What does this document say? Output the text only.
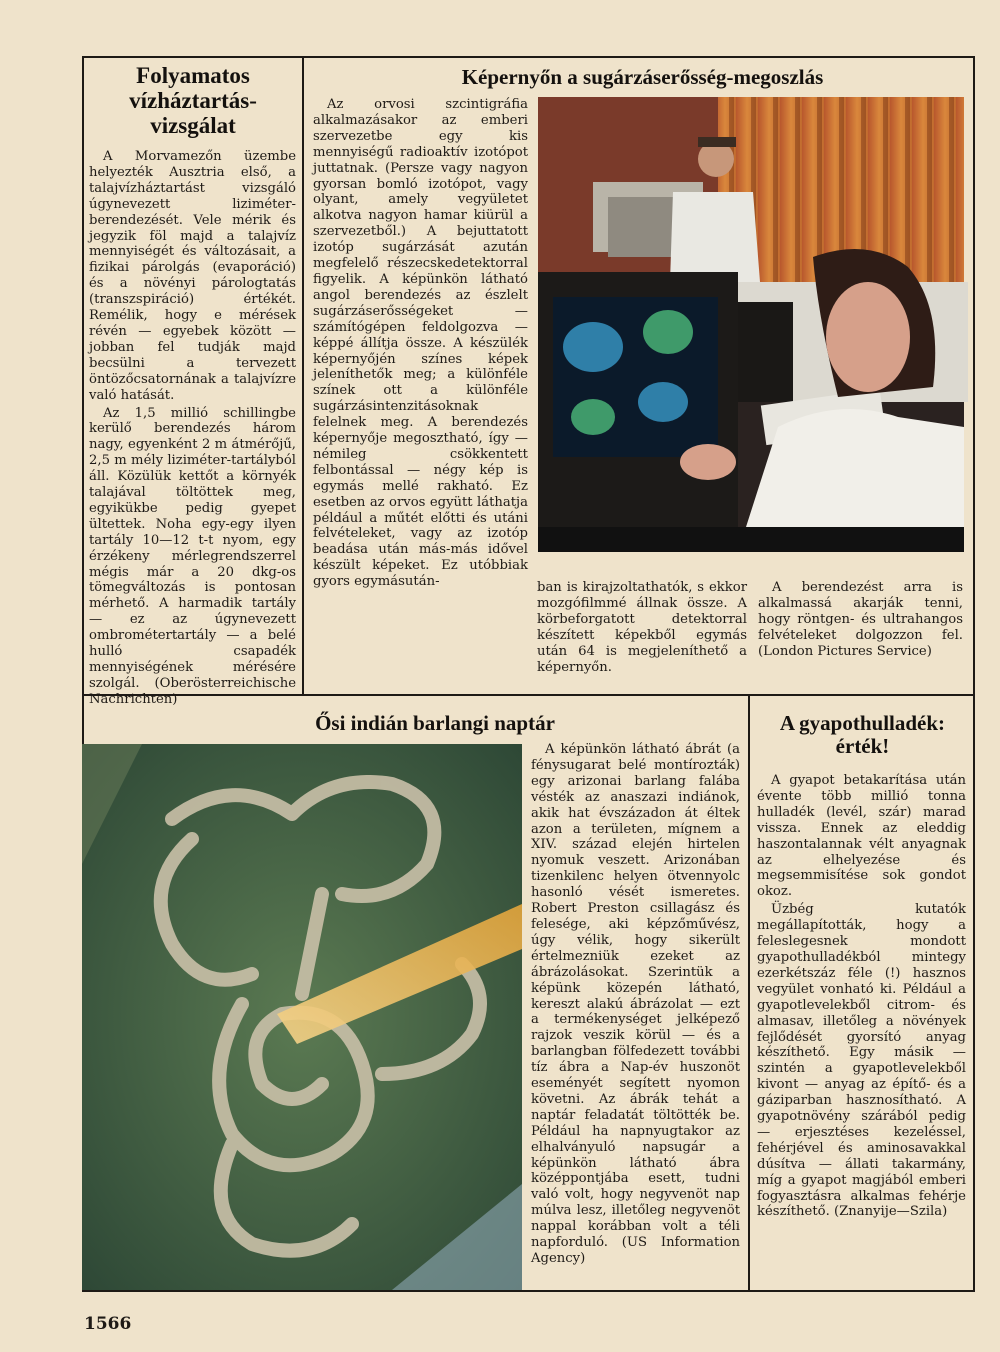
Folyamatos vízháztartás-vizsgálat

A Morvamezőn üzembe helyezték Ausztria első, a talajvízháztartást vizsgáló úgynevezett liziméter-berendezését. Vele mérik és jegyzik föl majd a talajvíz mennyiségét és változásait, a fizikai párolgás (evaporáció) és a növényi párologtatás (transzspiráció) értékét. Remélik, hogy e mérések révén — egyebek között — jobban fel tudják majd becsülni a tervezett öntözőcsatornának a talajvízre való hatását.

Az 1,5 millió schillingbe kerülő berendezés három nagy, egyenként 2 m átmérőjű, 2,5 m mély liziméter-tartályból áll. Közülük kettőt a környék talajával töltöttek meg, egyikükbe pedig gyepet ültettek. Noha egy-egy ilyen tartály 10—12 t-t nyom, egy érzékeny mérlegrendszerrel mégis már a 20 dkg-os tömegváltozás is pontosan mérhető. A harmadik tartály — ez az úgynevezett ombrométertartály — a belé hulló csapadék mennyiségének mérésére szolgál. (Oberösterreichische Nachrichten)

Képernyőn a sugárzáserősség-megoszlás
Az orvosi szcintigráfia alkalmazásakor az emberi szervezetbe egy kis mennyiségű radioaktív izotópot juttatnak. (Persze vagy nagyon gyorsan bomló izotópot, vagy olyant, amely vegyületet alkotva nagyon hamar kiürül a szervezetből.) A bejuttatott izotóp sugárzását azután megfelelő részecskedetektorral figyelik. A képünkön látható angol berendezés az észlelt sugárzáserősségeket — számítógépen feldolgozva — képpé állítja össze. A készülék képernyőjén színes képek jeleníthetők meg; a különféle színek ott a különféle sugárzásintenzitásoknak felelnek meg. A berendezés képernyője megosztható, így — némileg csökkentett felbontással — négy kép is egymás mellé rakható. Ez esetben az orvos együtt láthatja például a műtét előtti és utáni felvételeket, vagy az izotóp beadása után más-más idővel készült képeket. Ez utóbbiak gyors egymásután-	ban is kirajzoltathatók, s ekkor mozgófilmmé állnak össze. A körbeforgatott detektorral készített képekből egymás után 64 is megjeleníthető a képernyőn.
A berendezést arra is alkalmassá akarják tenni, hogy röntgen- és ultrahangos felvételeket dolgozzon fel. (London Pictures Service)
Ősi indián barlangi naptár
A képünkön látható ábrát (a fénysugarat belé montírozták) egy arizonai barlang falába vésték az anaszazi indiánok, akik hat évszázadon át éltek azon a területen, mígnem a XIV. század elején hirtelen nyomuk veszett. Arizonában tizenkilenc helyen ötvennyolc hasonló vését ismeretes. Robert Preston csillagász és felesége, aki képzőművész, úgy vélik, hogy sikerült értelmezniük ezeket az ábrázolásokat. Szerintük a képünk közepén látható, kereszt alakú ábrázolat — ezt a termékenységet jelképező rajzok veszik körül — és a barlangban fölfedezett további tíz ábra a Nap-év huszonöt eseményét segített nyomon követni. Az ábrák tehát a naptár feladatát töltötték be. Például ha napnyugtakor az elhalványuló napsugár a képünkön látható ábra középpontjába esett, tudni való volt, hogy negyvenöt nap múlva lesz, illetőleg negyvenöt nappal korábban volt a téli napforduló. (US Information Agency)
A gyapothulladék: érték!

A gyapot betakarítása után évente több millió tonna hulladék (levél, szár) marad vissza. Ennek az eleddig haszontalannak vélt anyagnak az elhelyezése és megsemmisítése sok gondot okoz.

Üzbég kutatók megállapították, hogy a feleslegesnek mondott gyapothulladékból mintegy ezerkétszáz féle (!) hasznos vegyület vonható ki. Például a gyapotlevelekből citrom- és almasav, illetőleg a növények fejlődését gyorsító anyag készíthető. Egy másik — szintén a gyapotlevelekből kivont — anyag az építő- és a gáziparban hasznosítható. A gyapotnövény szárából pedig — erjesztéses kezeléssel, fehérjével és aminosavakkal dúsítva — állati takarmány, míg a gyapot magjából emberi fogyasztásra alkalmas fehérje készíthető. (Znanyije—Szila)

1566
